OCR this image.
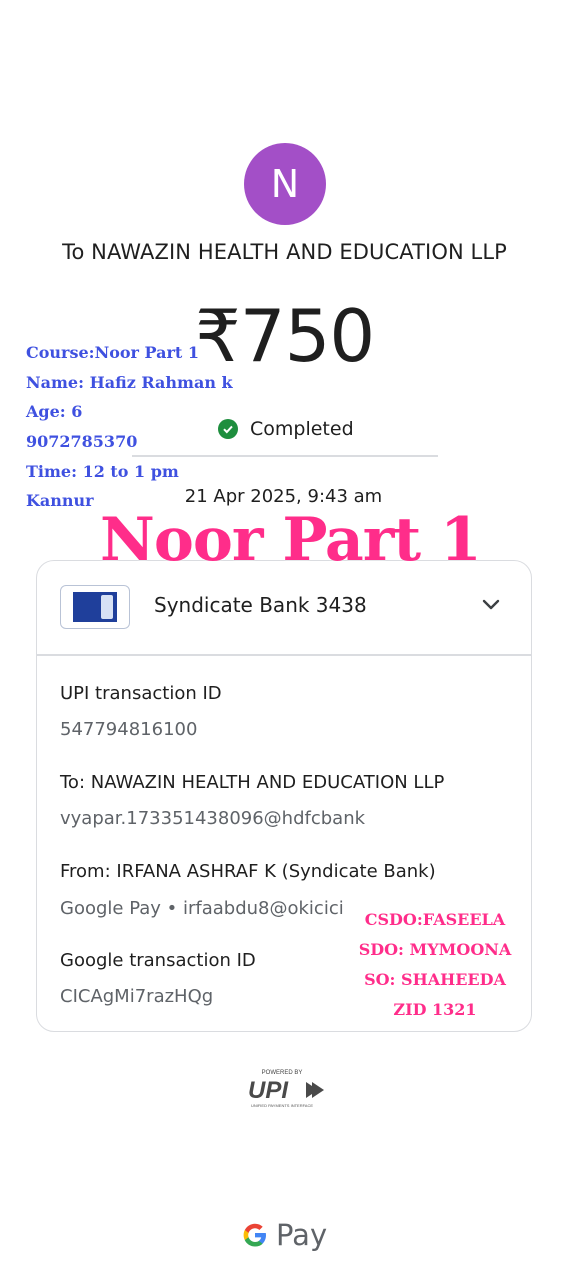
N
To NAWAZIN HEALTH AND EDUCATION LLP
₹750
Course:Noor Part 1
Name: Hafiz Rahman k
Age: 6
9072785370
Time: 12 to 1 pm
Kannur
Completed
21 Apr 2025, 9:43 am
Syndicate Bank 3438
UPI transaction ID
547794816100
To: NAWAZIN HEALTH AND EDUCATION LLP
vyapar.173351438096@hdfcbank
From: IRFANA ASHRAF K (Syndicate Bank)
Google Pay • irfaabdu8@okicici
Google transaction ID
CICAgMi7razHQg
CSDO:FASEELA
SDO: MYMOONA
SO: SHAHEEDA
ZID 1321
Noor Part 1
POWERED BY
UPI
UNIFIED PAYMENTS INTERFACE
Pay
